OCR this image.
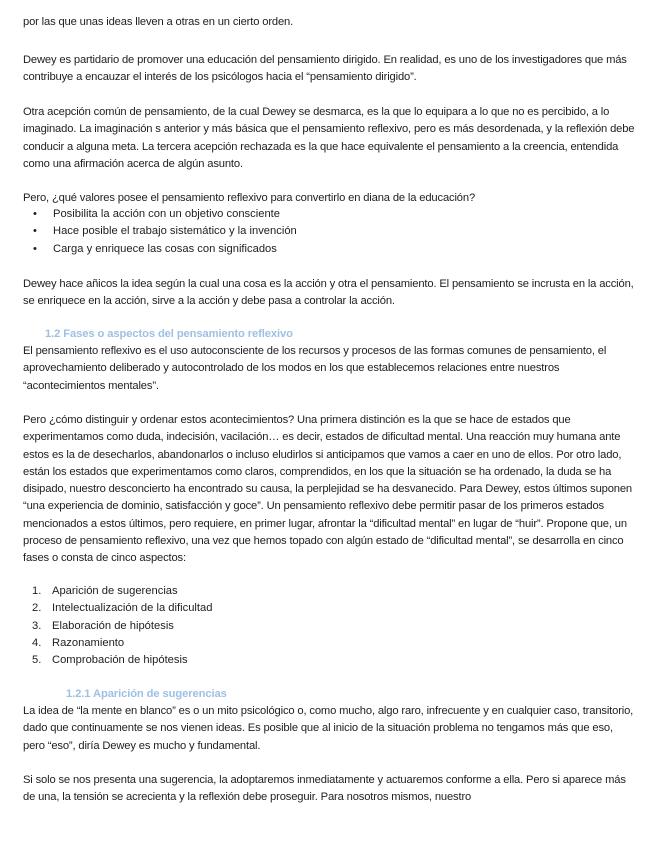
por las que unas ideas lleven a otras en un cierto orden.

Dewey es partidario de promover una educación del pensamiento dirigido. En realidad, es uno de los investigadores que más contribuye a encauzar el interés de los psicólogos hacia el “pensamiento dirigido”.

Otra acepción común de pensamiento, de la cual Dewey se desmarca, es la que lo equipara a lo que no es percibido, a lo imaginado. La imaginación s anterior y más básica que el pensamiento reflexivo, pero es más desordenada, y la reflexión debe conducir a alguna meta. La tercera acepción rechazada es la que hace equivalente el pensamiento a la creencia, entendida como una afirmación acerca de algún asunto.

Pero, ¿qué valores posee el pensamiento reflexivo para convertirlo en diana de la educación?

• Posibilita la acción con un objetivo consciente
• Hace posible el trabajo sistemático y la invención
• Carga y enriquece las cosas con significados

Dewey hace añicos la idea según la cual una cosa es la acción y otra el pensamiento. El pensamiento se incrusta en la acción, se enriquece en la acción, sirve a la acción y debe pasa a controlar la acción.

1.2 Fases o aspectos del pensamiento reflexivo

El pensamiento reflexivo es el uso autoconsciente de los recursos y procesos de las formas comunes de pensamiento, el aprovechamiento deliberado y autocontrolado de los modos en los que establecemos relaciones entre nuestros “acontecimientos mentales”.

Pero ¿cómo distinguir y ordenar estos acontecimientos? Una primera distinción es la que se hace de estados que experimentamos como duda, indecisión, vacilación… es decir, estados de dificultad mental. Una reacción muy humana ante estos es la de desecharlos, abandonarlos o incluso eludirlos si anticipamos que vamos a caer en uno de ellos. Por otro lado, están los estados que experimentamos como claros, comprendidos, en los que la situación se ha ordenado, la duda se ha disipado, nuestro desconcierto ha encontrado su causa, la perplejidad se ha desvanecido. Para Dewey, estos últimos suponen “una experiencia de dominio, satisfacción y goce”. Un pensamiento reflexivo debe permitir pasar de los primeros estados mencionados a estos últimos, pero requiere, en primer lugar, afrontar la “dificultad mental” en lugar de “huir”. Propone que, un proceso de pensamiento reflexivo, una vez que hemos topado con algún estado de “dificultad mental”, se desarrolla en cinco fases o consta de cinco aspectos:

1. Aparición de sugerencias
2. Intelectualización de la dificultad
3. Elaboración de hipótesis
4. Razonamiento
5. Comprobación de hipótesis
1.2.1 Aparición de sugerencias

La idea de “la mente en blanco” es o un mito psicológico o, como mucho, algo raro, infrecuente y en cualquier caso, transitorio, dado que continuamente se nos vienen ideas. Es posible que al inicio de la situación problema no tengamos más que eso, pero “eso”, diría Dewey es mucho y fundamental.

Si solo se nos presenta una sugerencia, la adoptaremos inmediatamente y actuaremos conforme a ella. Pero si aparece más de una, la tensión se acrecienta y la reflexión debe proseguir. Para nosotros mismos, nuestro
